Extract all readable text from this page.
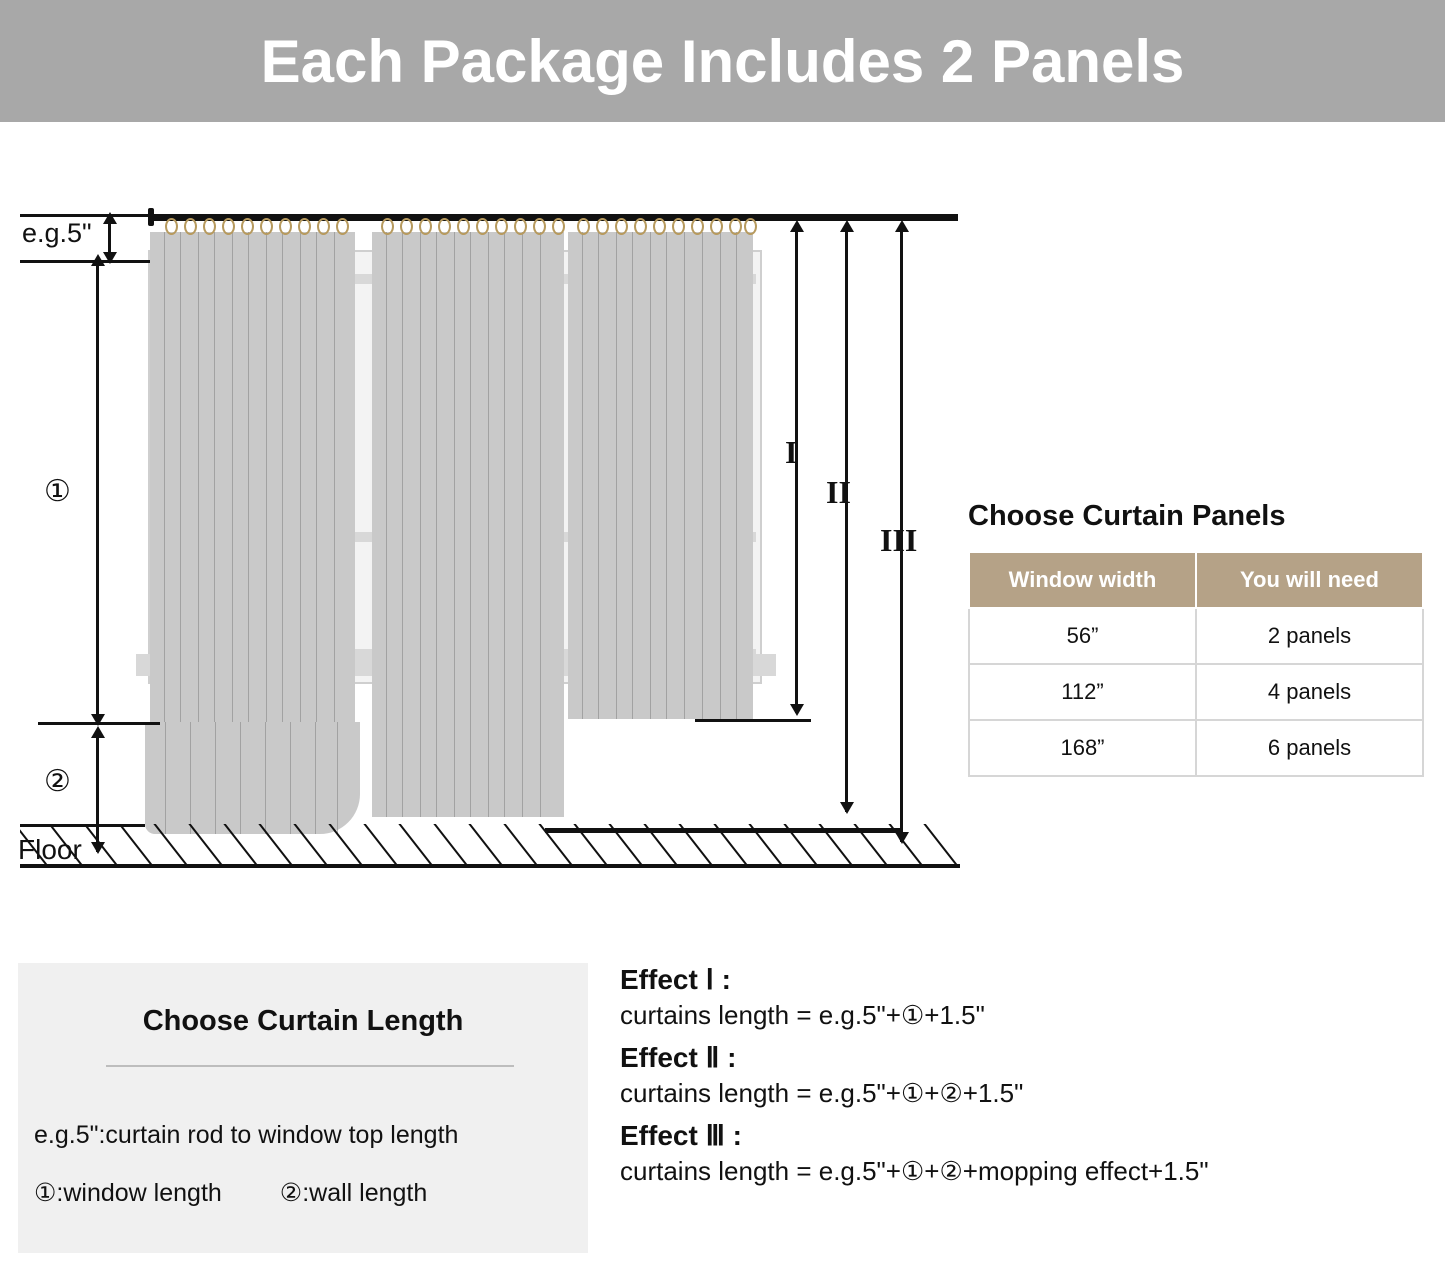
Each Package Includes 2 Panels
e.g.5"
①
②
I
II
III
Floor
Choose Curtain Panels
Window width	You will need
56”	2 panels
112”	4 panels
168”	6 panels
Choose Curtain Length
e.g.5":curtain rod to window top length
①:window length ②:wall length

Effect Ⅰ :

curtains length = e.g.5"+①+1.5"

Effect Ⅱ :

curtains length = e.g.5"+①+②+1.5"

Effect Ⅲ :

curtains length = e.g.5"+①+②+mopping effect+1.5"
